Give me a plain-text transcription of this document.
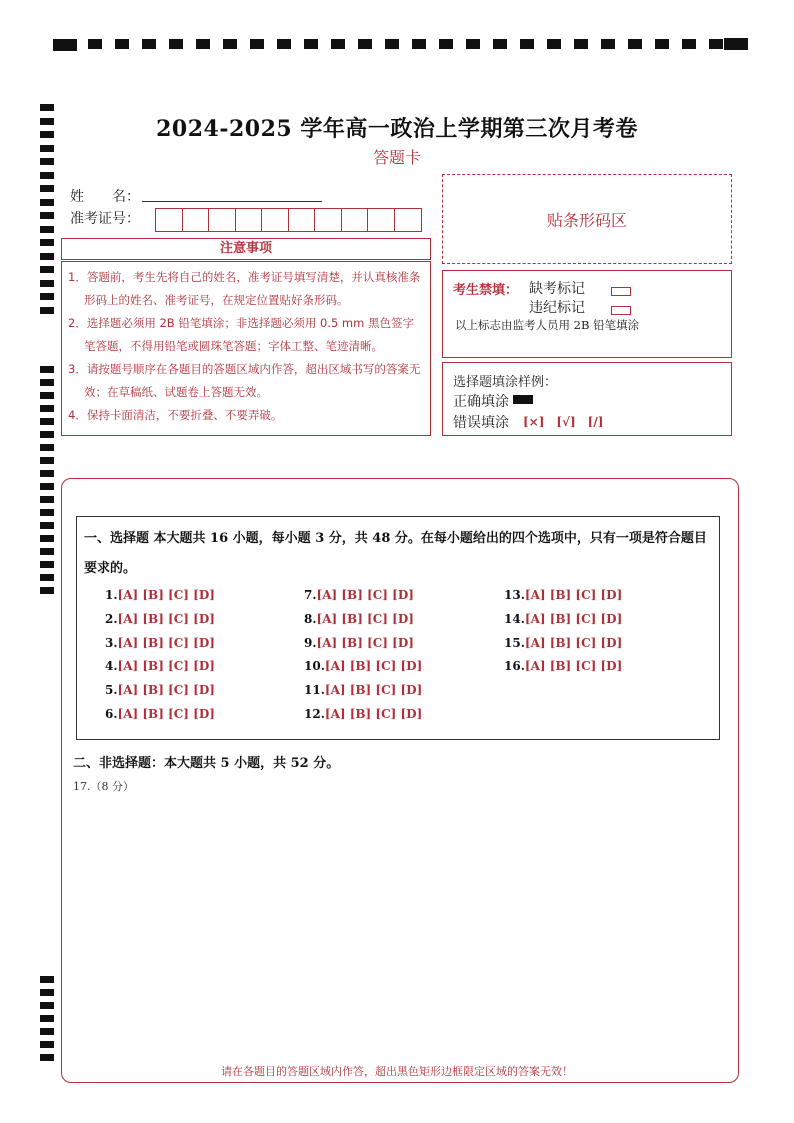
2024-2025 学年高一政治上学期第三次月考卷
答题卡
姓　　名：
准考证号：	贴条形码区
注意事项
1．答题前，考生先将自己的姓名，准考证号填写清楚，并认真核准条形码上的姓名、准考证号，在规定位置贴好条形码。
2．选择题必须用 2B 铅笔填涂；非选择题必须用 0.5 mm 黑色签字笔答题，不得用铅笔或圆珠笔答题；字体工整、笔迹清晰。
3．请按题号顺序在各题目的答题区域内作答，超出区域书写的答案无效；在草稿纸、试题卷上答题无效。
4．保持卡面清洁，不要折叠、不要弄破。
考生禁填： 缺考标记
违纪标记
以上标志由监考人员用 2B 铅笔填涂
选择题填涂样例：
正确填涂
错误填涂 [×]　[√]　[/]
一、选择题 本大题共 16 小题，每小题 3 分，共 48 分。在每小题给出的四个选项中，只有一项是符合题目要求的。
1.[A] [B] [C] [D]
2.[A] [B] [C] [D]
3.[A] [B] [C] [D]
4.[A] [B] [C] [D]
5.[A] [B] [C] [D]
6.[A] [B] [C] [D]
7.[A] [B] [C] [D]
8.[A] [B] [C] [D]
9.[A] [B] [C] [D]
10.[A] [B] [C] [D]
11.[A] [B] [C] [D]
12.[A] [B] [C] [D]
13.[A] [B] [C] [D]
14.[A] [B] [C] [D]
15.[A] [B] [C] [D]
16.[A] [B] [C] [D]
二、非选择题：本大题共 5 小题，共 52 分。
17.（8 分）
请在各题目的答题区域内作答，超出黑色矩形边框限定区域的答案无效！
